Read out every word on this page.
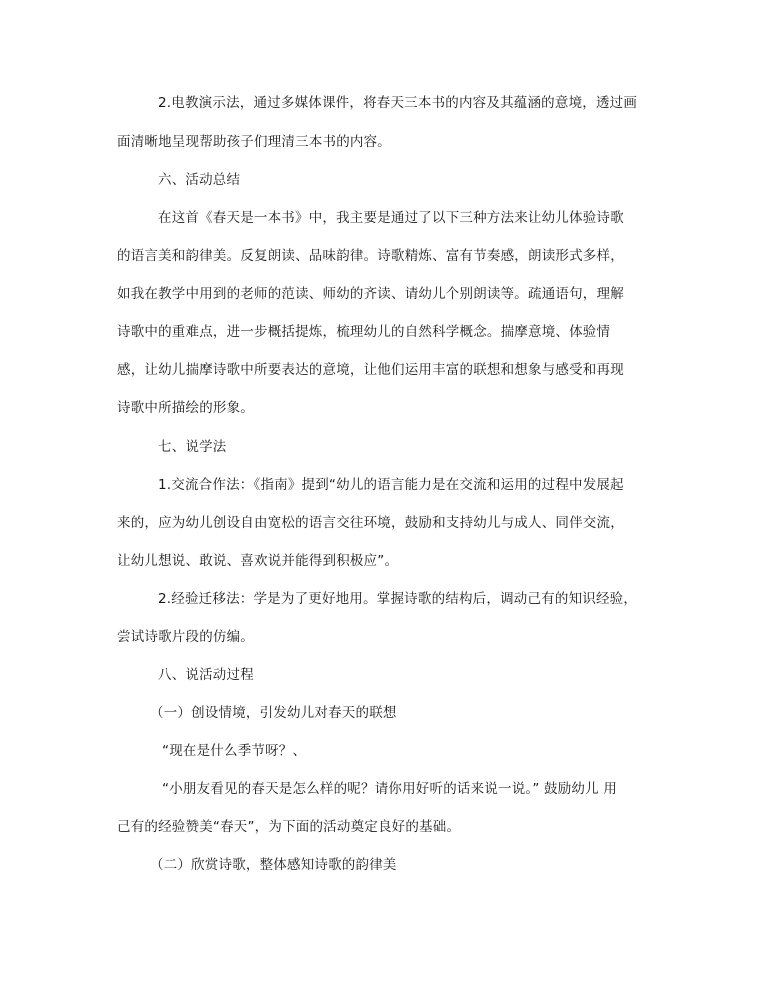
2.电教演示法，通过多媒体课件，将春天三本书的内容及其蕴涵的意境，透过画
面清晰地呈现帮助孩子们理清三本书的内容。
六、活动总结
在这首《春天是一本书》中，我主要是通过了以下三种方法来让幼儿体验诗歌
的语言美和韵律美。反复朗读、品味韵律。诗歌精炼、富有节奏感，朗读形式多样，
如我在教学中用到的老师的范读、师幼的齐读、请幼儿个别朗读等。疏通语句，理解
诗歌中的重难点，进一步概括提炼，梳理幼儿的自然科学概念。揣摩意境、体验情
感，让幼儿揣摩诗歌中所要表达的意境，让他们运用丰富的联想和想象与感受和再现
诗歌中所描绘的形象。
七、说学法
1.交流合作法：《指南》提到“幼儿的语言能力是在交流和运用的过程中发展起
来的，应为幼儿创设自由宽松的语言交往环境，鼓励和支持幼儿与成人、同伴交流，
让幼儿想说、敢说、喜欢说并能得到积极应”。
2.经验迁移法：学是为了更好地用。掌握诗歌的结构后，调动己有的知识经验，
尝试诗歌片段的仿编。
八、说活动过程
（一）创设情境，引发幼儿对春天的联想
“现在是什么季节呀？、
“小朋友看见的春天是怎么样的呢？请你用好听的话来说一说。” 鼓励幼儿 用
己有的经验赞美“春天”，为下面的活动奠定良好的基础。
（二）欣赏诗歌，整体感知诗歌的韵律美
